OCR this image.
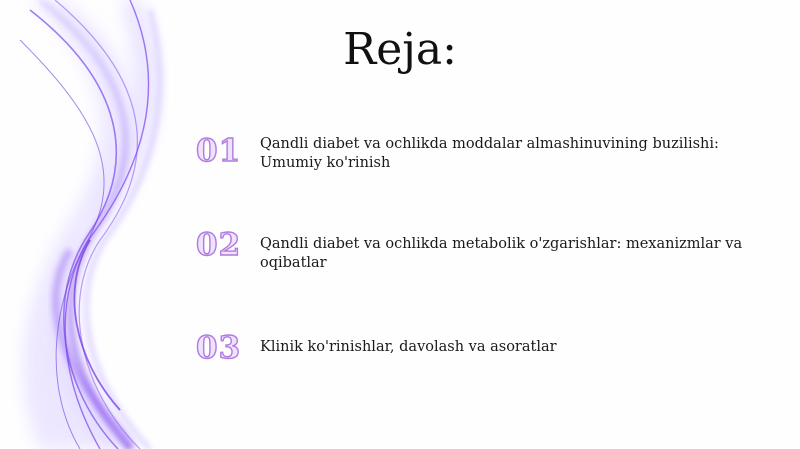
Reja:
01	Qandli diabet va ochlikda moddalar almashinuvining buzilishi: Umumiy ko'rinish
02	Qandli diabet va ochlikda metabolik o'zgarishlar: mexanizmlar va oqibatlar
03	Klinik ko'rinishlar, davolash va asoratlar
